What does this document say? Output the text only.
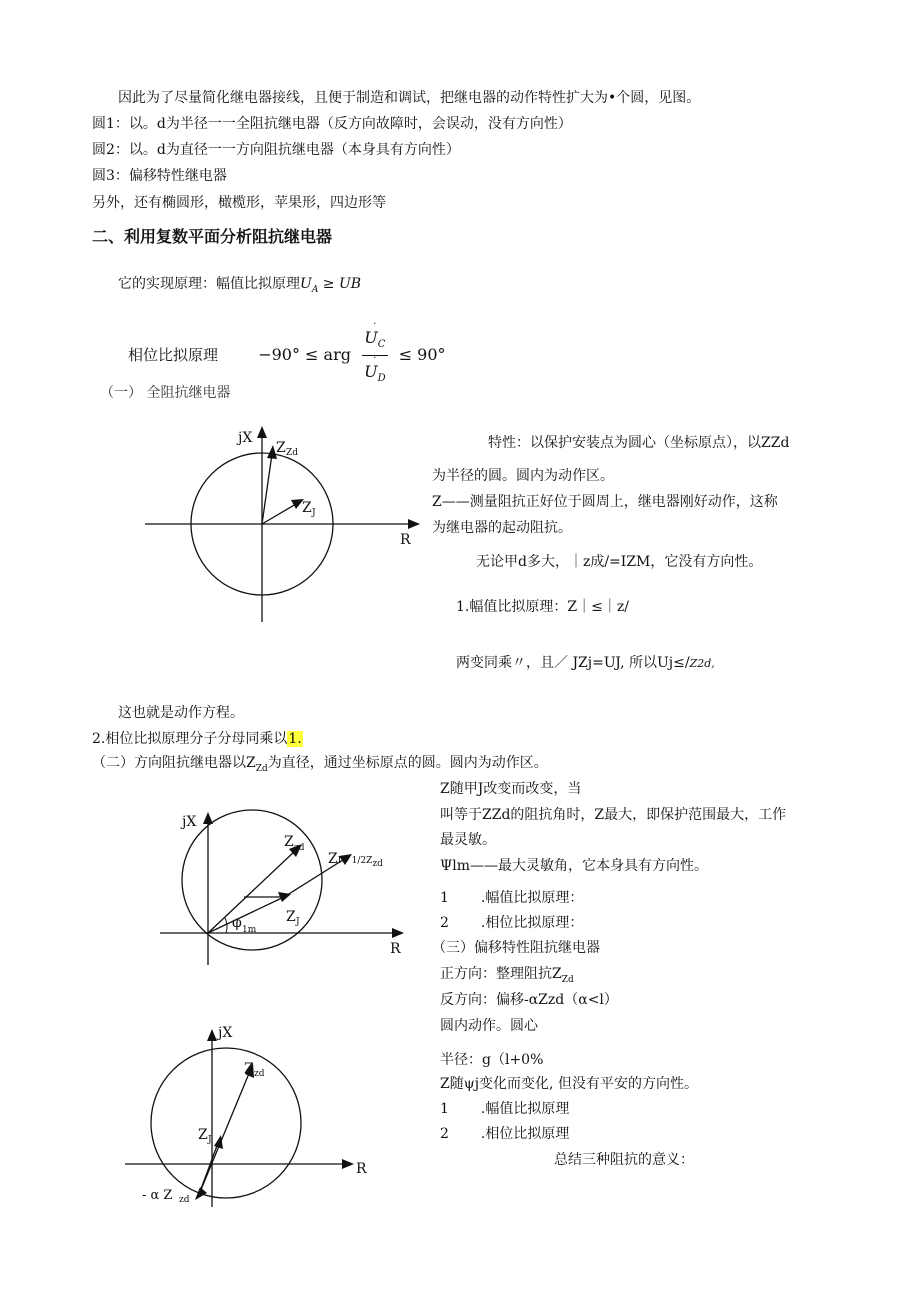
因此为了尽量简化继电器接线，且便于制造和调试，把继电器的动作特性扩大为•个圆，见图。
圆1：以。d为半径一一全阻抗继电器（反方向故障时，会误动，没有方向性）
圆2：以。d为直径一一方向阻抗继电器（本身具有方向性）
圆3：偏移特性继电器
另外，还有椭圆形，橄榄形，苹果形，四边形等
二、利用复数平面分析阻抗继电器
它的实现原理：幅值比拟原理$U_A$ ≥ UB
相位比拟原理	−90° ≤ arg ·
$U_C$
·
$U_D \le 90^\circ$
（一） 全阻抗继电器
jX
R
Z Zd
Z J
特性：以保护安装点为圆心（坐标原点），以ZZd
为半径的圆。圆内为动作区。
Z——测量阻抗正好位于圆周上，继电器刚好动作，这称
为继电器的起动阻抗。
无论甲d多大，｜z成/=IZM，它没有方向性。
1.幅值比拟原理：Z｜≤｜z/
两变同乘〃，且／ JZj=UJ, 所以Uj≤/Z2d,
这也就是动作方程。
2.相位比拟原理分子分母同乘以1.
（二）方向阻抗继电器以$Z_{Zd}$为直径，通过坐标原点的圆。圆内为动作区。
jX
R
Z zd
$ZI= 1/2Z_{zd}$
Z J
φ 1m
Z随甲J改变而改变，当
叫等于ZZd的阻抗角时，Z最大，即保护范围最大，工作
最灵敏。
Ψlm——最大灵敏角，它本身具有方向性。
1 .幅值比拟原理：
2 .相位比拟原理：
（三）偏移特性阻抗继电器
正方向：整理阻抗$Z_{Zd}$
反方向：偏移-αZzd（α<l）
圆内动作。圆心
半径：g（l+0%
Z随ψj变化而变化, 但没有平安的方向性。
1 .幅值比拟原理
2 .相位比拟原理
总结三种阻抗的意义：
jX
R
Z zd
Z J
- α Z zd
